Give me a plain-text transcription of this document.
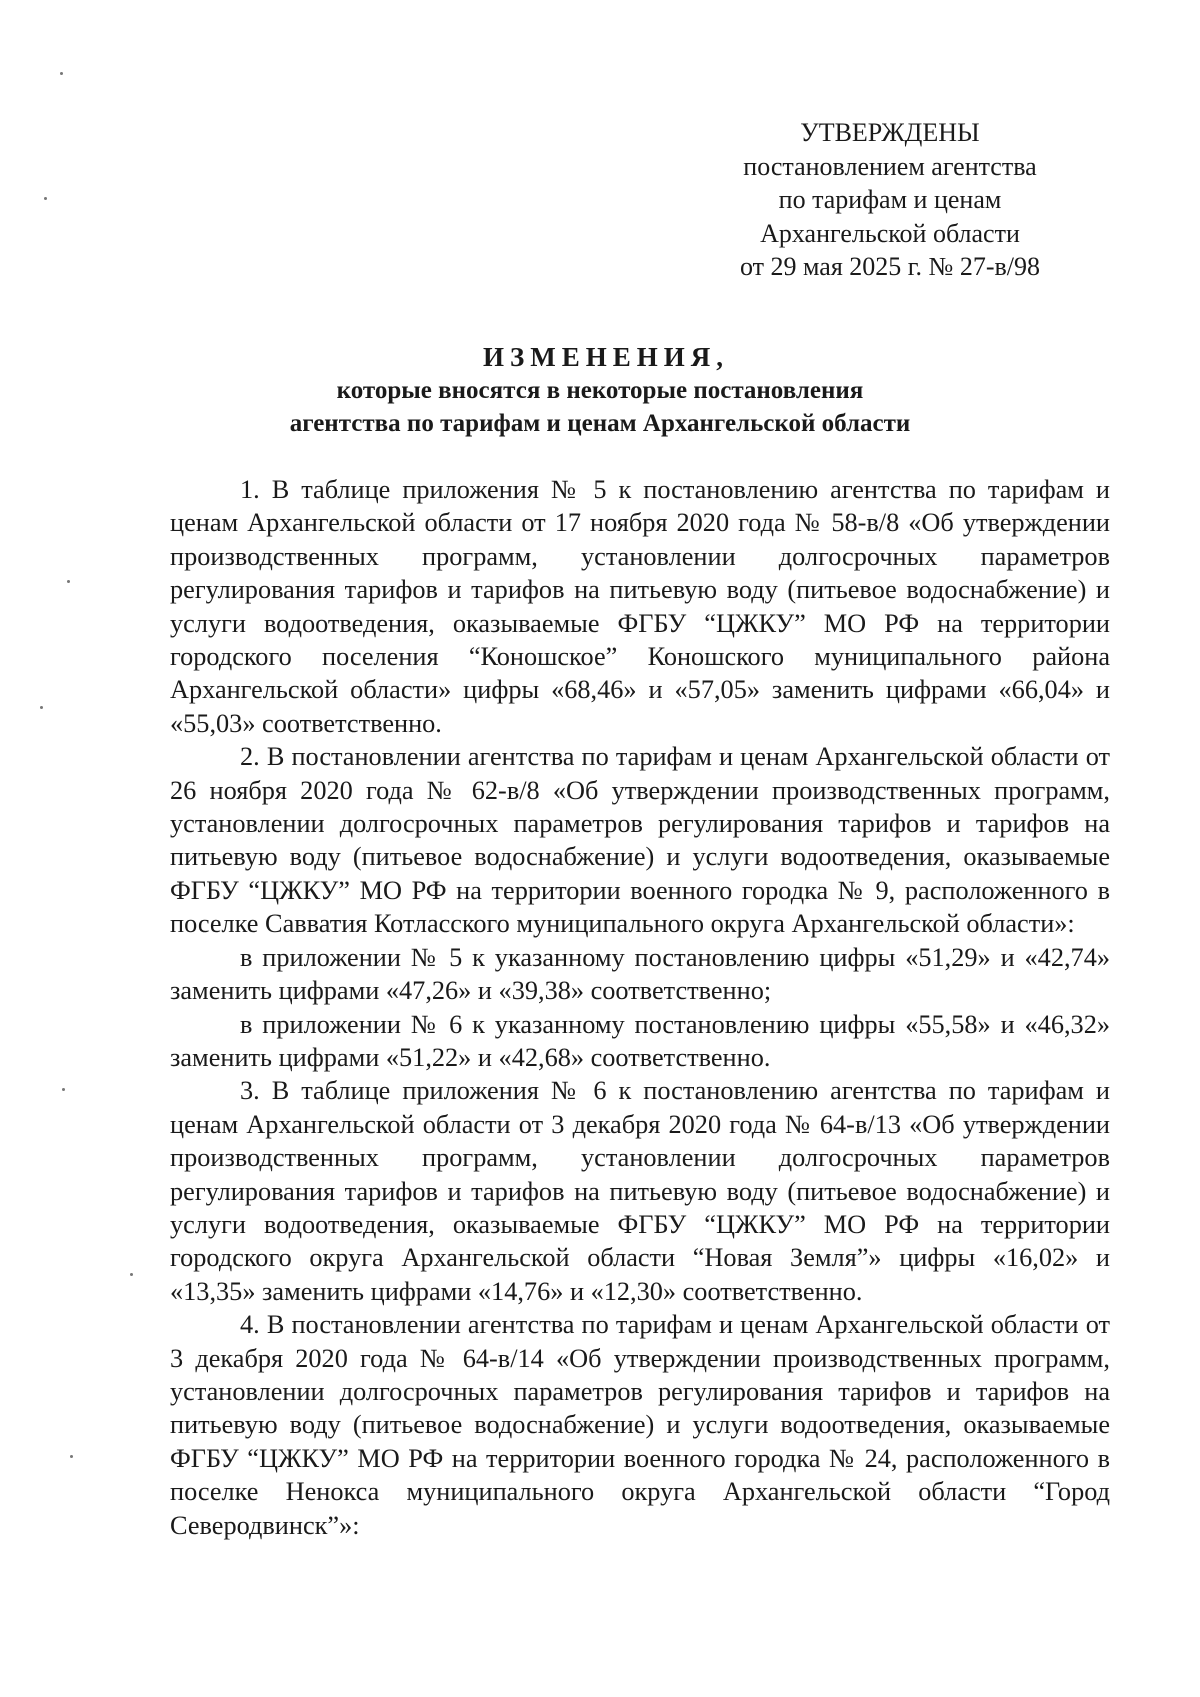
УТВЕРЖДЕНЫ
постановлением агентства
по тарифам и ценам
Архангельской области
от 29 мая 2025 г. № 27-в/98
ИЗМЕНЕНИЯ,
которые вносятся в некоторые постановления
агентства по тарифам и ценам Архангельской области

1. В таблице приложения № 5 к постановлению агентства по тарифам и ценам Архангельской области от 17 ноября 2020 года № 58-в/8 «Об утверждении производственных программ, установлении долгосрочных параметров регулирования тарифов и тарифов на питьевую воду (питьевое водоснабжение) и услуги водоотведения, оказываемые ФГБУ “ЦЖКУ” МО РФ на территории городского поселения “Коношское” Коношского муниципального района Архангельской области» цифры «68,46» и «57,05» заменить цифрами «66,04» и «55,03» соответственно.

2. В постановлении агентства по тарифам и ценам Архангельской области от 26 ноября 2020 года № 62-в/8 «Об утверждении производственных программ, установлении долгосрочных параметров регулирования тарифов и тарифов на питьевую воду (питьевое водоснабжение) и услуги водоотведения, оказываемые ФГБУ “ЦЖКУ” МО РФ на территории военного городка № 9, расположенного в поселке Савватия Котласского муниципального округа Архангельской области»:

в приложении № 5 к указанному постановлению цифры «51,29» и «42,74» заменить цифрами «47,26» и «39,38» соответственно;

в приложении № 6 к указанному постановлению цифры «55,58» и «46,32» заменить цифрами «51,22» и «42,68» соответственно.

3. В таблице приложения № 6 к постановлению агентства по тарифам и ценам Архангельской области от 3 декабря 2020 года № 64-в/13 «Об утверждении производственных программ, установлении долгосрочных параметров регулирования тарифов и тарифов на питьевую воду (питьевое водоснабжение) и услуги водоотведения, оказываемые ФГБУ “ЦЖКУ” МО РФ на территории городского округа Архангельской области “Новая Земля”» цифры «16,02» и «13,35» заменить цифрами «14,76» и «12,30» соответственно.

4. В постановлении агентства по тарифам и ценам Архангельской области от 3 декабря 2020 года № 64-в/14 «Об утверждении производственных программ, установлении долгосрочных параметров регулирования тарифов и тарифов на питьевую воду (питьевое водоснабжение) и услуги водоотведения, оказываемые ФГБУ “ЦЖКУ” МО РФ на территории военного городка № 24, расположенного в поселке Ненокса муниципального округа Архангельской области “Город Северодвинск”»:
